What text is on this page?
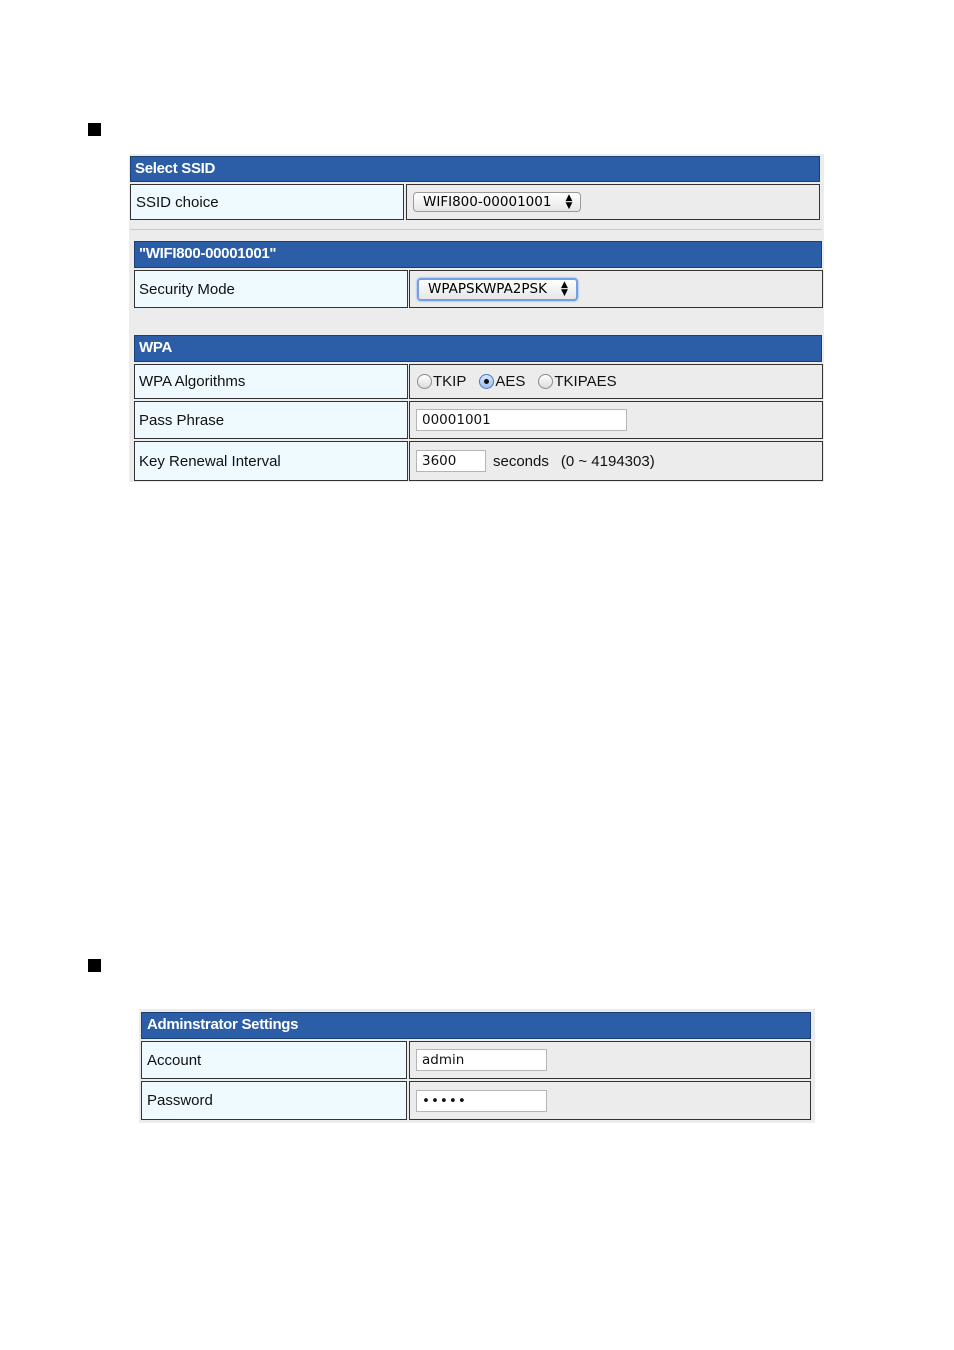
Select SSID
SSID choice	WIFI800-00001001 ▲
▼
"WIFI800-00001001"
Security Mode	WPAPSKWPA2PSK ▲
▼
WPA
WPA Algorithms	TKIP AES TKIPAES
Pass Phrase	00001001
Key Renewal Interval	3600	seconds (0 ~ 4194303)
Adminstrator Settings
Account	admin
Password	•••••
